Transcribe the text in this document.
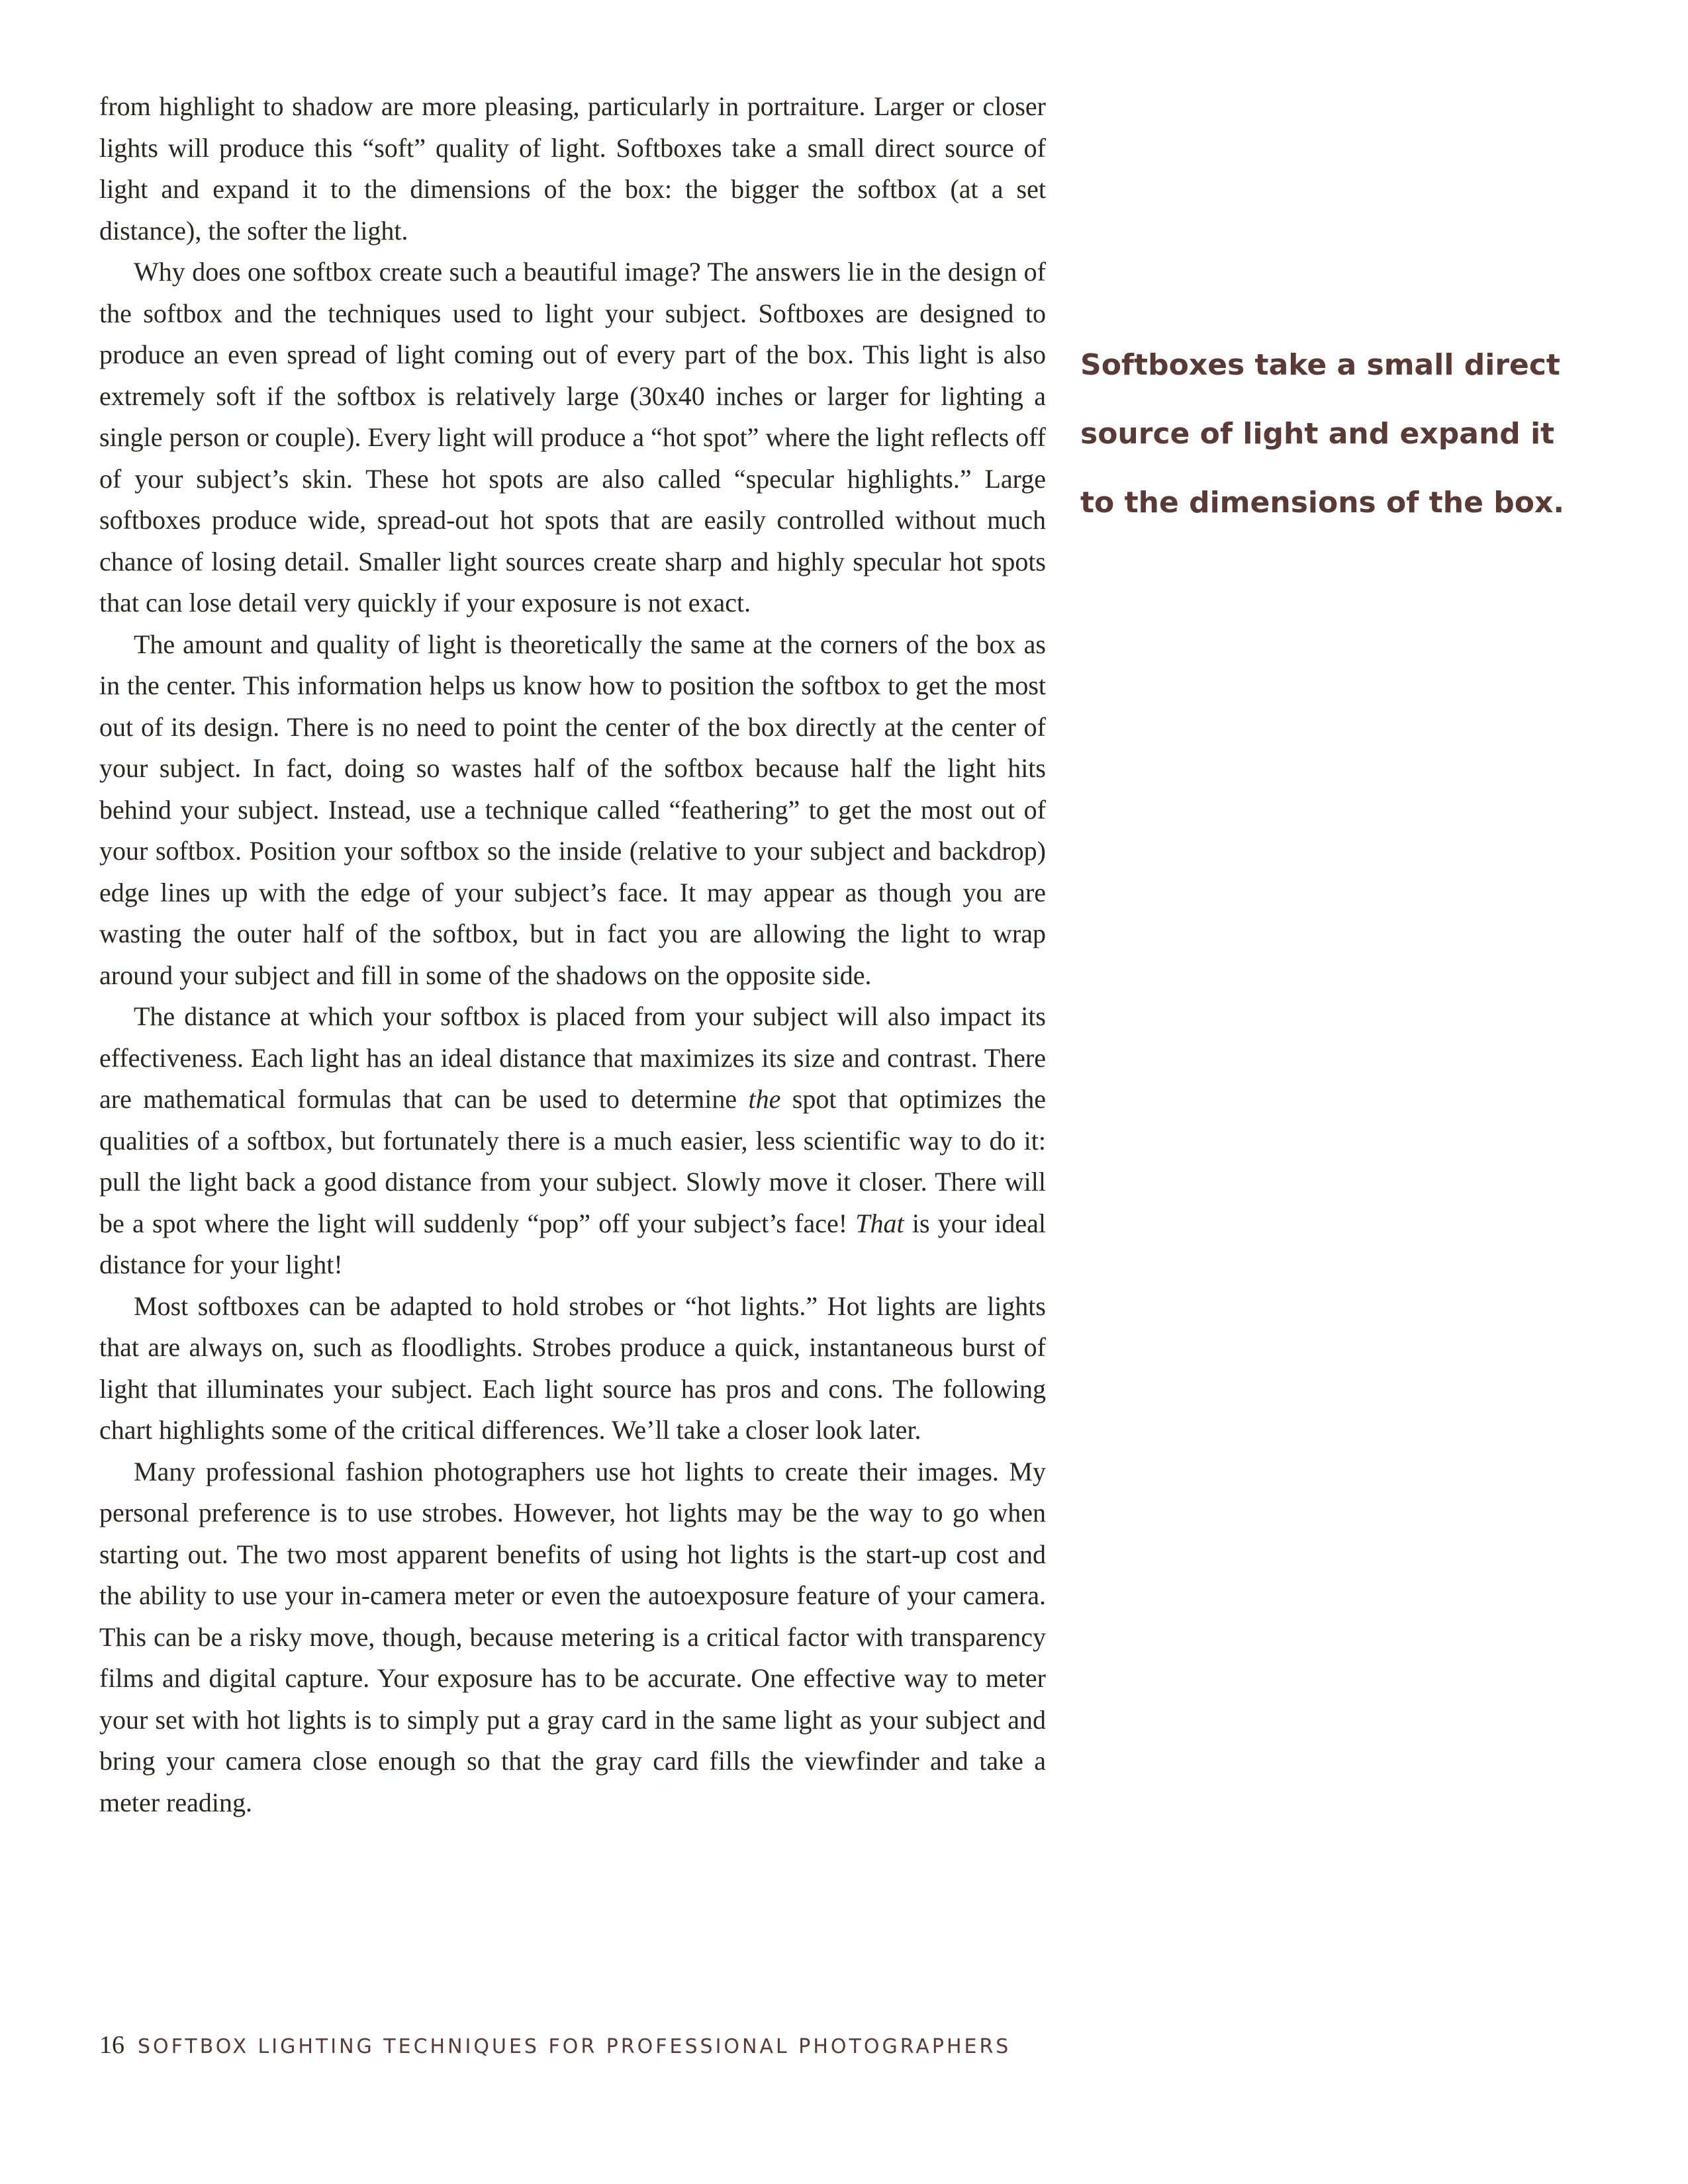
from highlight to shadow are more pleasing, particularly in portraiture. Larger or closer lights will produce this “soft” quality of light. Softboxes take a small direct source of light and expand it to the dimensions of the box: the bigger the softbox (at a set distance), the softer the light.

Why does one softbox create such a beautiful image? The answers lie in the design of the softbox and the techniques used to light your subject. Softboxes are designed to produce an even spread of light coming out of every part of the box. This light is also extremely soft if the softbox is relatively large (30x40 inches or larger for lighting a single person or couple). Every light will produce a “hot spot” where the light reflects off of your subject’s skin. These hot spots are also called “specular highlights.” Large softboxes produce wide, spread-out hot spots that are easily controlled without much chance of losing detail. Smaller light sources create sharp and highly specular hot spots that can lose detail very quickly if your exposure is not exact.

The amount and quality of light is theoretically the same at the corners of the box as in the center. This information helps us know how to position the softbox to get the most out of its design. There is no need to point the center of the box directly at the center of your subject. In fact, doing so wastes half of the softbox because half the light hits behind your subject. Instead, use a technique called “feathering” to get the most out of your softbox. Position your softbox so the inside (relative to your subject and backdrop) edge lines up with the edge of your subject’s face. It may appear as though you are wasting the outer half of the softbox, but in fact you are allowing the light to wrap around your subject and fill in some of the shadows on the opposite side.

The distance at which your softbox is placed from your subject will also impact its effectiveness. Each light has an ideal distance that maximizes its size and contrast. There are mathematical formulas that can be used to determine the spot that optimizes the qualities of a softbox, but fortunately there is a much easier, less scientific way to do it: pull the light back a good distance from your subject. Slowly move it closer. There will be a spot where the light will suddenly “pop” off your subject’s face! That is your ideal distance for your light!

Most softboxes can be adapted to hold strobes or “hot lights.” Hot lights are lights that are always on, such as floodlights. Strobes produce a quick, instantaneous burst of light that illuminates your subject. Each light source has pros and cons. The following chart highlights some of the critical differences. We’ll take a closer look later.

Many professional fashion photographers use hot lights to create their images. My personal preference is to use strobes. However, hot lights may be the way to go when starting out. The two most apparent benefits of using hot lights is the start-up cost and the ability to use your in-camera meter or even the autoexposure feature of your camera. This can be a risky move, though, because metering is a critical factor with transparency films and digital capture. Your exposure has to be accurate. One effective way to meter your set with hot lights is to simply put a gray card in the same light as your subject and bring your camera close enough so that the gray card fills the viewfinder and take a meter reading.

Softboxes take a small direct source of light and expand it to the dimensions of the box.
16 SOFTBOX LIGHTING TECHNIQUES FOR PROFESSIONAL PHOTOGRAPHERS
